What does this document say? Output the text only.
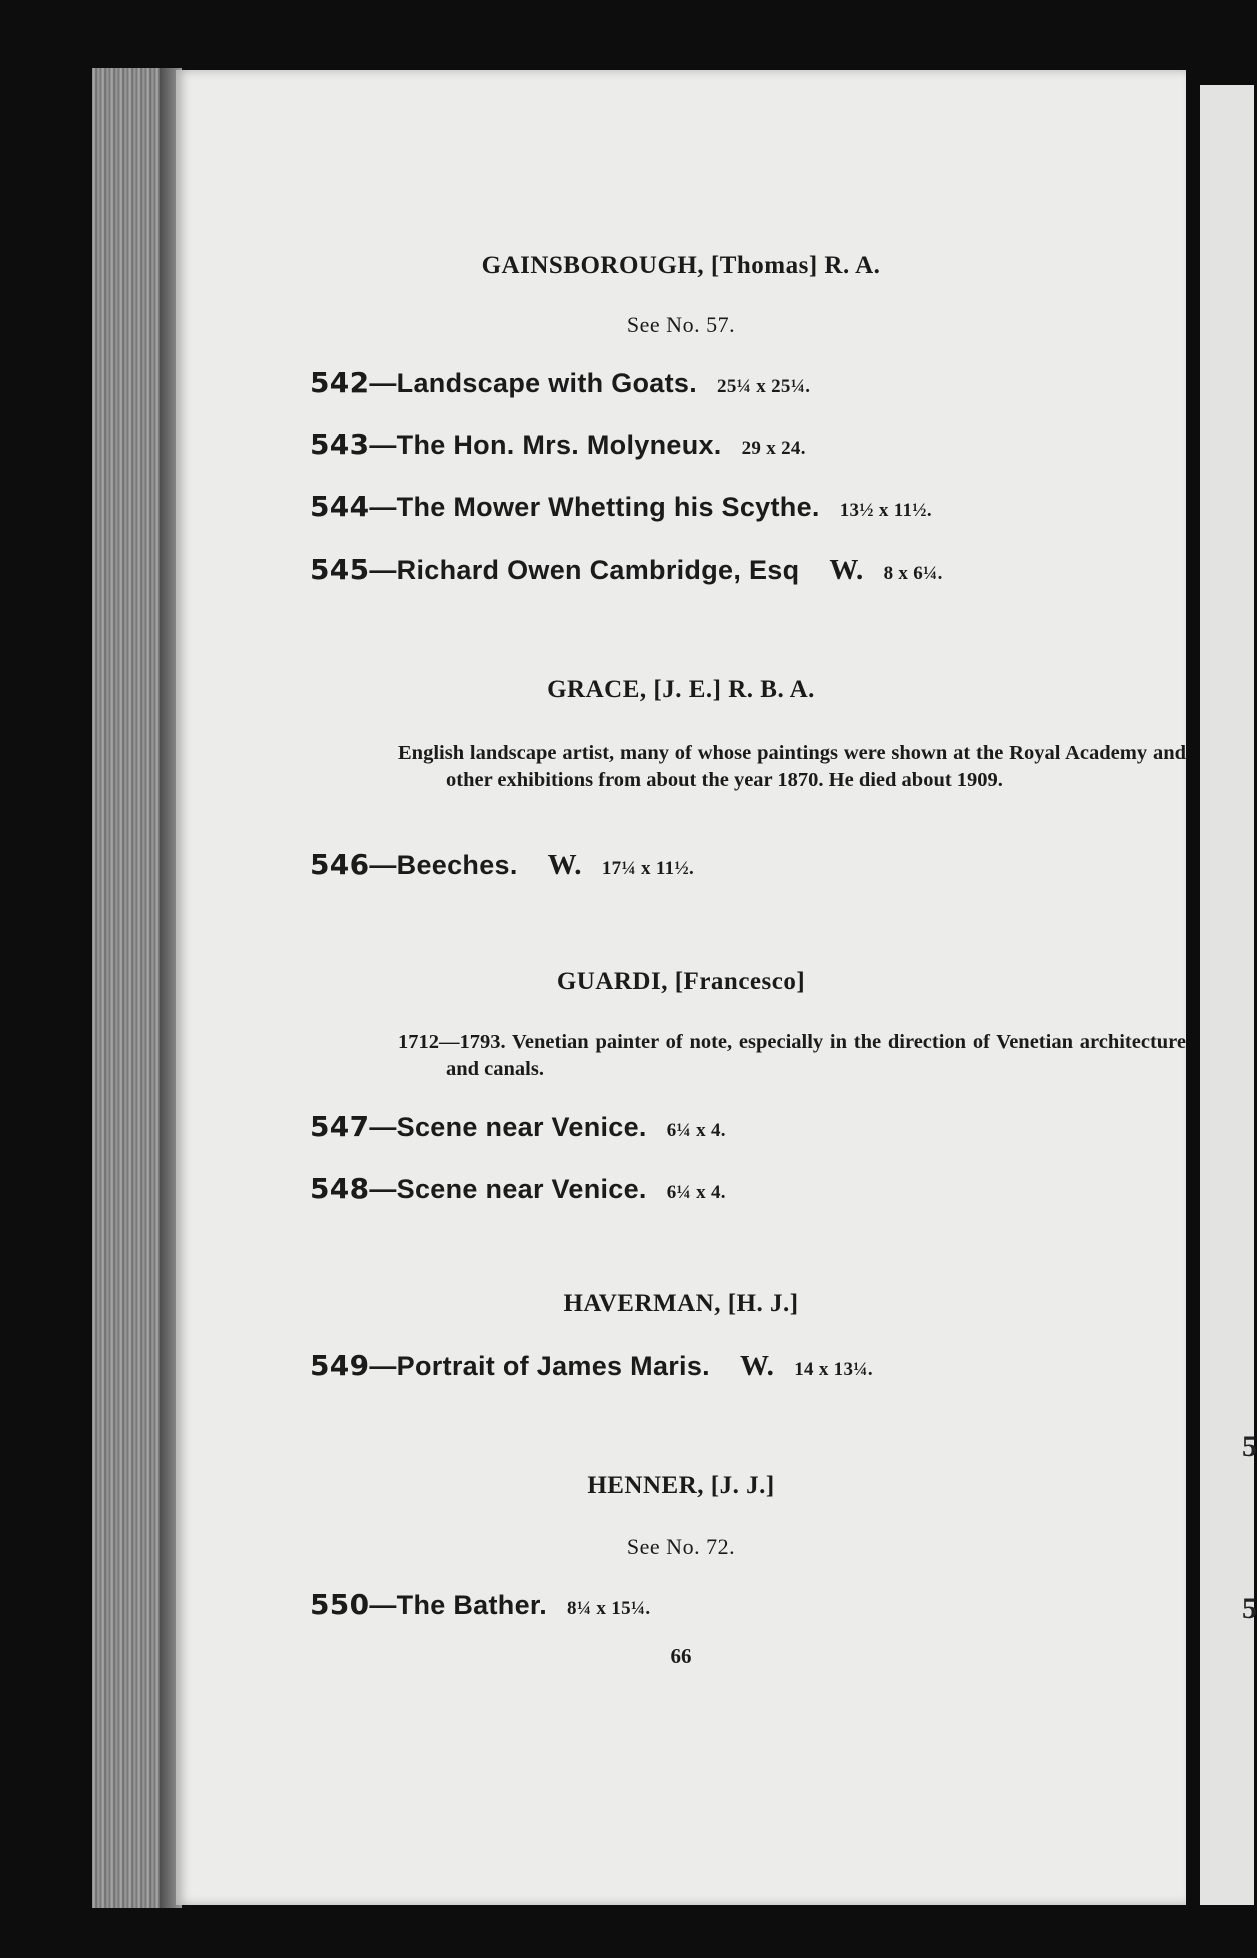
5
5
GAINSBOROUGH, [Thomas] R. A.
See No. 57.
542—Landscape with Goats. 25¼ x 25¼.
543—The Hon. Mrs. Molyneux. 29 x 24.
544—The Mower Whetting his Scythe. 13½ x 11½.
545—Richard Owen Cambridge, Esq W. 8 x 6¼.
GRACE, [J. E.] R. B. A.
English landscape artist, many of whose paintings were shown at the Royal Academy and other exhibitions from about the year 1870. He died about 1909.
546—Beeches. W. 17¼ x 11½.
GUARDI, [Francesco]
1712—1793. Venetian painter of note, especially in the direction of Venetian architecture and canals.
547—Scene near Venice. 6¼ x 4.
548—Scene near Venice. 6¼ x 4.
HAVERMAN, [H. J.]
549—Portrait of James Maris. W. 14 x 13¼.
HENNER, [J. J.]
See No. 72.
550—The Bather. 8¼ x 15¼.
66
